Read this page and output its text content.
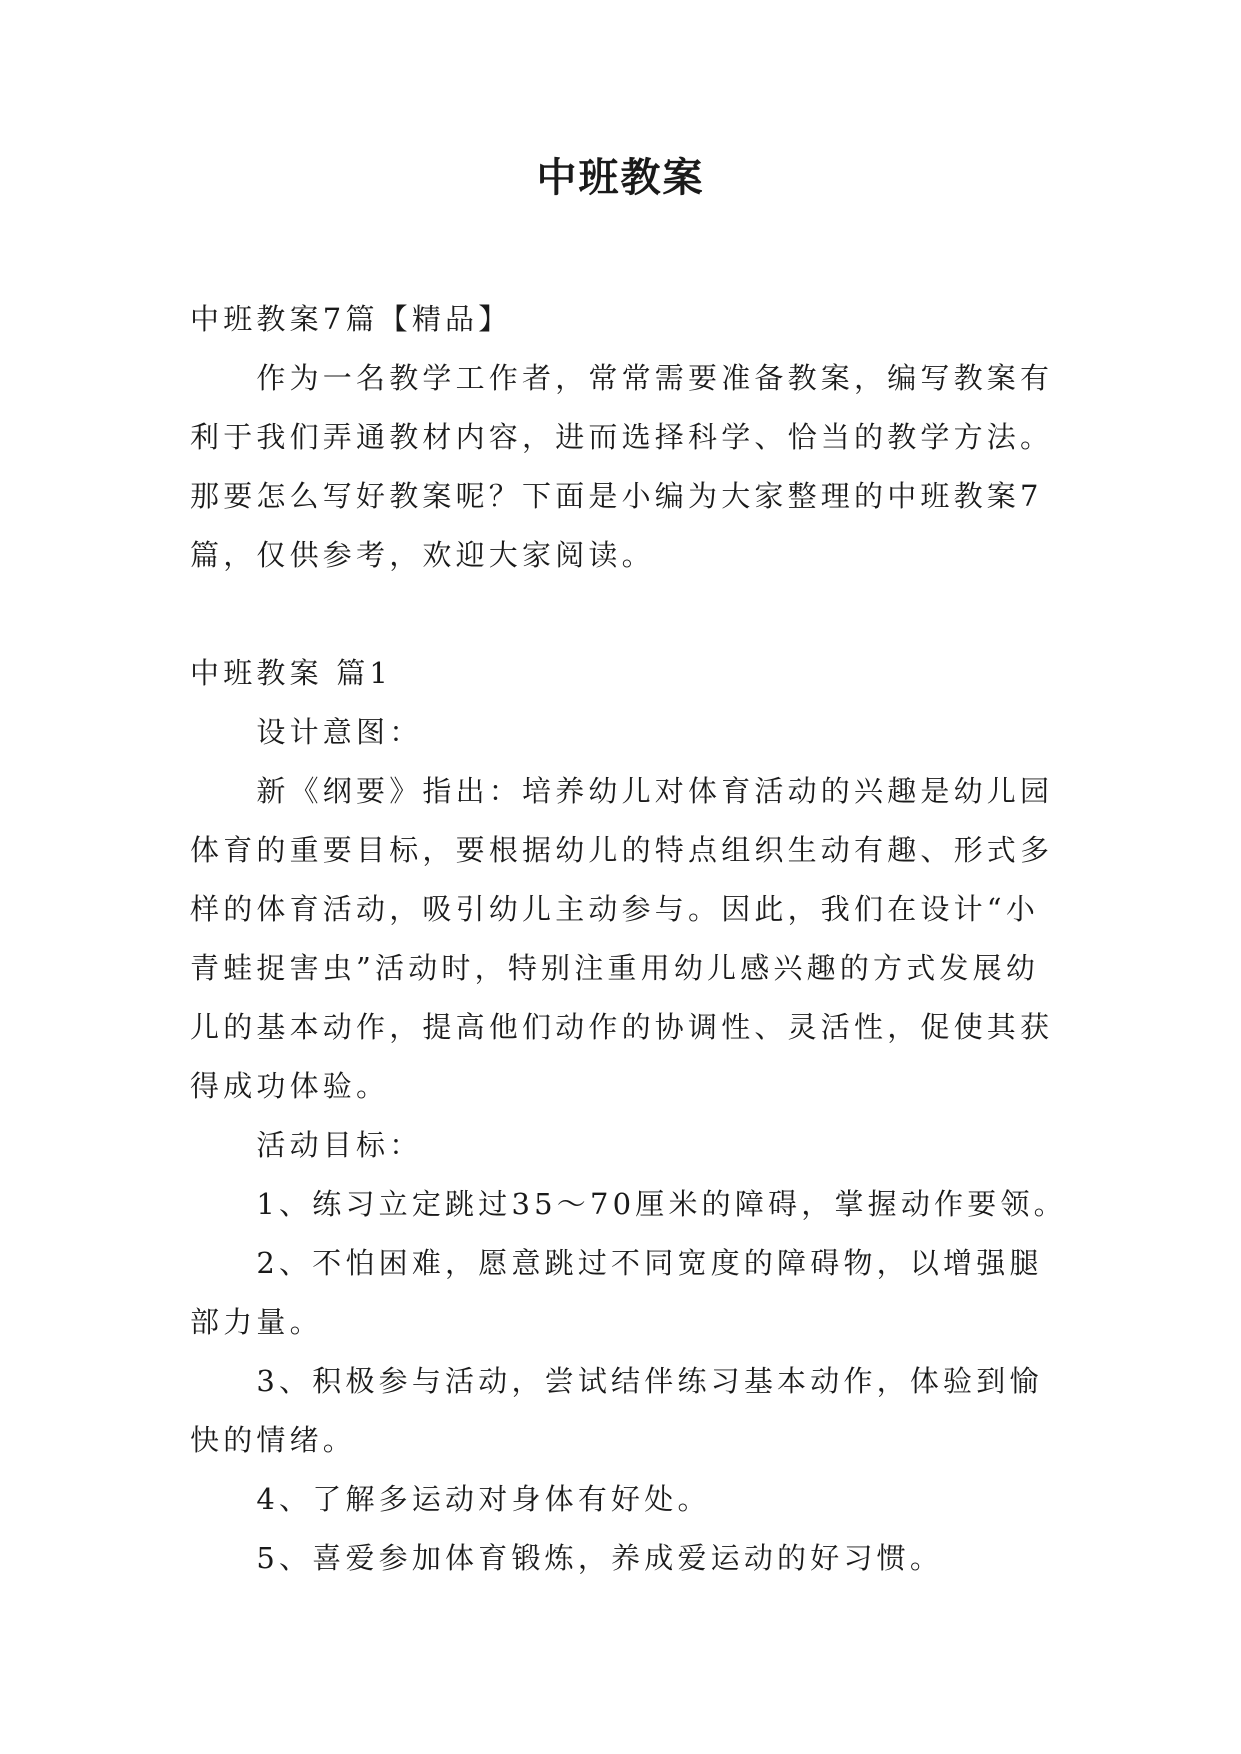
中班教案

中班教案7篇【精品】

　　作为一名教学工作者，常常需要准备教案，编写教案有

利于我们弄通教材内容，进而选择科学、恰当的教学方法。

那要怎么写好教案呢？下面是小编为大家整理的中班教案7

篇，仅供参考，欢迎大家阅读。

中班教案 篇1

　　设计意图：

　　新《纲要》指出：培养幼儿对体育活动的兴趣是幼儿园

体育的重要目标，要根据幼儿的特点组织生动有趣、形式多

样的体育活动，吸引幼儿主动参与。因此，我们在设计“小

青蛙捉害虫”活动时，特别注重用幼儿感兴趣的方式发展幼

儿的基本动作，提高他们动作的协调性、灵活性，促使其获

得成功体验。

　　活动目标：

　　1、练习立定跳过35～70厘米的障碍，掌握动作要领。

　　2、不怕困难，愿意跳过不同宽度的障碍物，以增强腿

部力量。

　　3、积极参与活动，尝试结伴练习基本动作，体验到愉

快的情绪。

　　4、了解多运动对身体有好处。

　　5、喜爱参加体育锻炼，养成爱运动的好习惯。
